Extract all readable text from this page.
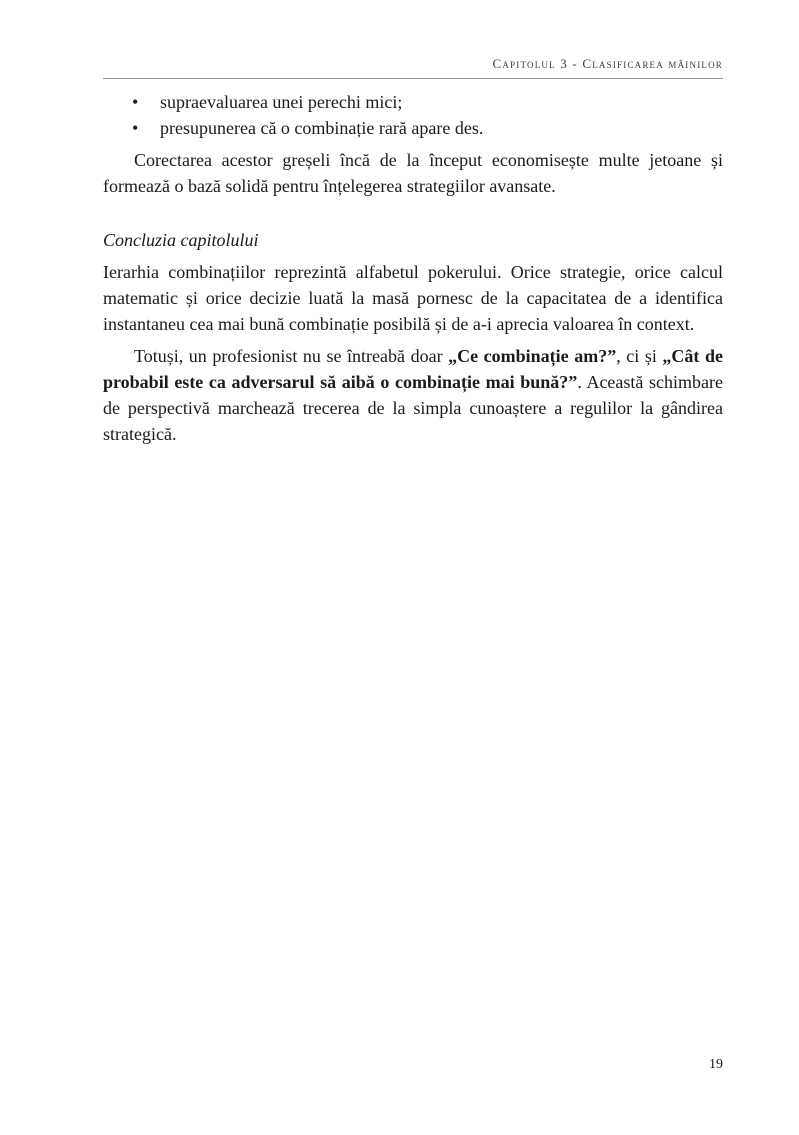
Capitolul 3 - Clasificarea mâinilor
• supraevaluarea unei perechi mici;
• presupunerea că o combinație rară apare des.

Corectarea acestor greșeli încă de la început economisește multe jetoane și formează o bază solidă pentru înțelegerea strategiilor avansate.

Concluzia capitolului

Ierarhia combinațiilor reprezintă alfabetul pokerului. Orice strategie, orice calcul matematic și orice decizie luată la masă pornesc de la capacitatea de a identifica instantaneu cea mai bună combinație posibilă și de a-i aprecia valoarea în context.

Totuși, un profesionist nu se întreabă doar „Ce combinație am?”, ci și „Cât de probabil este ca adversarul să aibă o combinație mai bună?”. Această schimbare de perspectivă marchează trecerea de la simpla cunoaștere a regulilor la gândirea strategică.

19
